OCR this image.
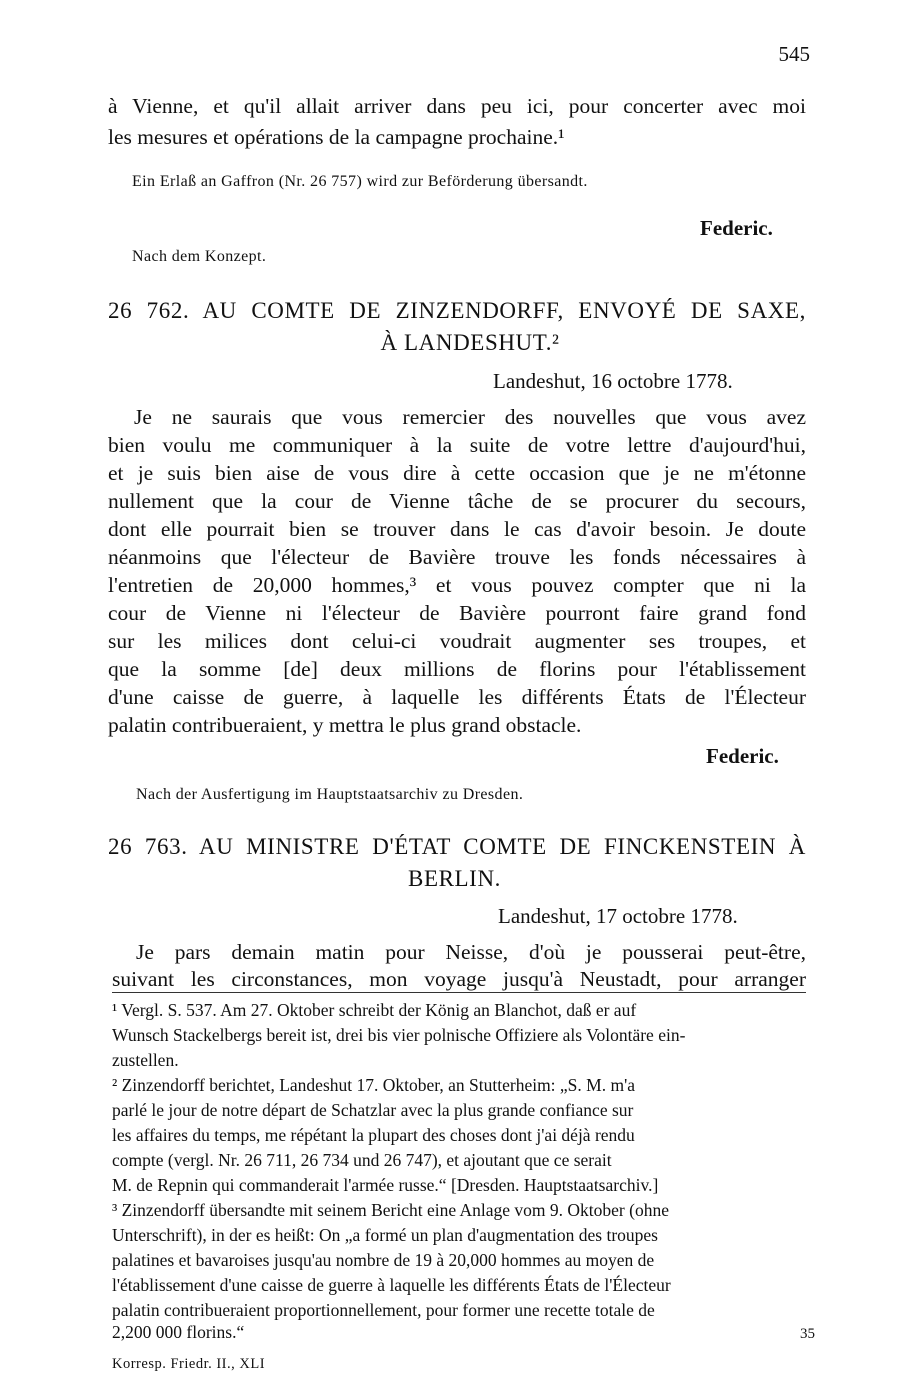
545
à Vienne, et qu'il allait arriver dans peu ici, pour concerter avec moi
les mesures et opérations de la campagne prochaine.¹
Ein Erlaß an Gaffron (Nr. 26 757) wird zur Beförderung übersandt.
Federic.
Nach dem Konzept.
26 762. AU COMTE DE ZINZENDORFF, ENVOYÉ DE SAXE,
À LANDESHUT.²
Landeshut, 16 octobre 1778.
Je ne saurais que vous remercier des nouvelles que vous avez
bien voulu me communiquer à la suite de votre lettre d'aujourd'hui,
et je suis bien aise de vous dire à cette occasion que je ne m'étonne
nullement que la cour de Vienne tâche de se procurer du secours,
dont elle pourrait bien se trouver dans le cas d'avoir besoin. Je doute
néanmoins que l'électeur de Bavière trouve les fonds nécessaires à
l'entretien de 20,000 hommes,³ et vous pouvez compter que ni la
cour de Vienne ni l'électeur de Bavière pourront faire grand fond
sur les milices dont celui-ci voudrait augmenter ses troupes, et
que la somme [de] deux millions de florins pour l'établissement
d'une caisse de guerre, à laquelle les différents États de l'Électeur
palatin contribueraient, y mettra le plus grand obstacle.
Federic.
Nach der Ausfertigung im Hauptstaatsarchiv zu Dresden.
26 763. AU MINISTRE D'ÉTAT COMTE DE FINCKENSTEIN À
BERLIN.
Landeshut, 17 octobre 1778.
Je pars demain matin pour Neisse, d'où je pousserai peut-être,
suivant les circonstances, mon voyage jusqu'à Neustadt, pour arranger
¹ Vergl. S. 537. Am 27. Oktober schreibt der König an Blanchot, daß er auf
Wunsch Stackelbergs bereit ist, drei bis vier polnische Offiziere als Volontäre ein-
zustellen.
² Zinzendorff berichtet, Landeshut 17. Oktober, an Stutterheim: „S. M. m'a
parlé le jour de notre départ de Schatzlar avec la plus grande confiance sur
les affaires du temps, me répétant la plupart des choses dont j'ai déjà rendu
compte (vergl. Nr. 26 711, 26 734 und 26 747), et ajoutant que ce serait
M. de Repnin qui commanderait l'armée russe.“ [Dresden. Hauptstaatsarchiv.]
³ Zinzendorff übersandte mit seinem Bericht eine Anlage vom 9. Oktober (ohne
Unterschrift), in der es heißt: On „a formé un plan d'augmentation des troupes
palatines et bavaroises jusqu'au nombre de 19 à 20,000 hommes au moyen de
l'établissement d'une caisse de guerre à laquelle les différents États de l'Électeur
palatin contribueraient proportionnellement, pour former une recette totale de
2,200 000 florins.“	35
Korresp. Friedr. II., XLI
